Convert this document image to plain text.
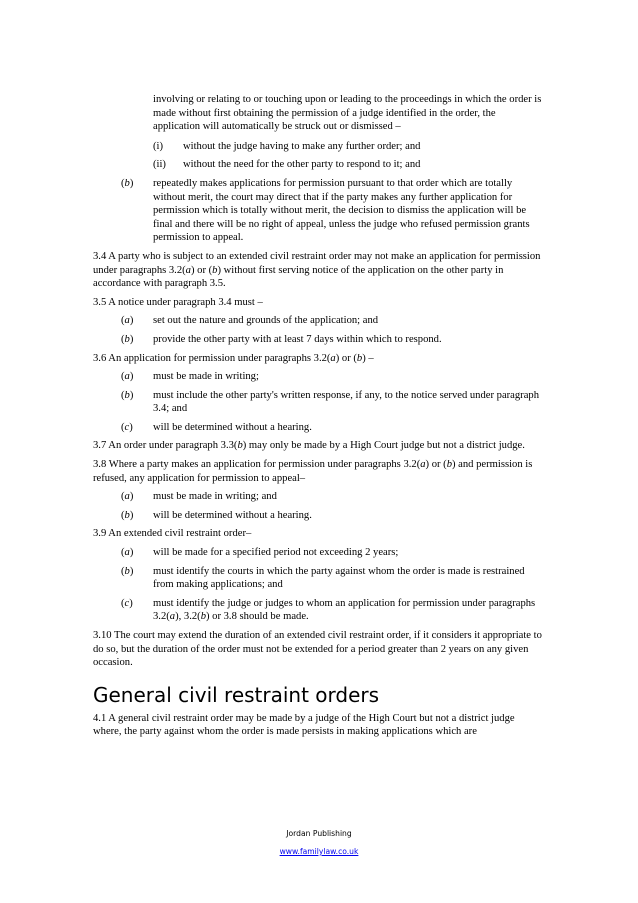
involving or relating to or touching upon or leading to the proceedings in which the order is made without first obtaining the permission of a judge identified in the order, the application will automatically be struck out or dismissed –

(i) without the judge having to make any further order; and
(ii) without the need for the other party to respond to it; and
(b) repeatedly makes applications for permission pursuant to that order which are totally without merit, the court may direct that if the party makes any further application for permission which is totally without merit, the decision to dismiss the application will be final and there will be no right of appeal, unless the judge who refused permission grants permission to appeal.

3.4 A party who is subject to an extended civil restraint order may not make an application for permission under paragraphs 3.2(a) or (b) without first serving notice of the application on the other party in accordance with paragraph 3.5.

3.5 A notice under paragraph 3.4 must –

(a) set out the nature and grounds of the application; and
(b) provide the other party with at least 7 days within which to respond.

3.6 An application for permission under paragraphs 3.2(a) or (b) –

(a) must be made in writing;
(b) must include the other party's written response, if any, to the notice served under paragraph 3.4; and
(c) will be determined without a hearing.

3.7 An order under paragraph 3.3(b) may only be made by a High Court judge but not a district judge.

3.8 Where a party makes an application for permission under paragraphs 3.2(a) or (b) and permission is refused, any application for permission to appeal–

(a) must be made in writing; and
(b) will be determined without a hearing.

3.9 An extended civil restraint order–

(a) will be made for a specified period not exceeding 2 years;
(b) must identify the courts in which the party against whom the order is made is restrained from making applications; and
(c) must identify the judge or judges to whom an application for permission under paragraphs 3.2(a), 3.2(b) or 3.8 should be made.

3.10 The court may extend the duration of an extended civil restraint order, if it considers it appropriate to do so, but the duration of the order must not be extended for a period greater than 2 years on any given occasion.

General civil restraint orders

4.1 A general civil restraint order may be made by a judge of the High Court but not a district judge where, the party against whom the order is made persists in making applications which are

Jordan Publishing
www.familylaw.co.uk
